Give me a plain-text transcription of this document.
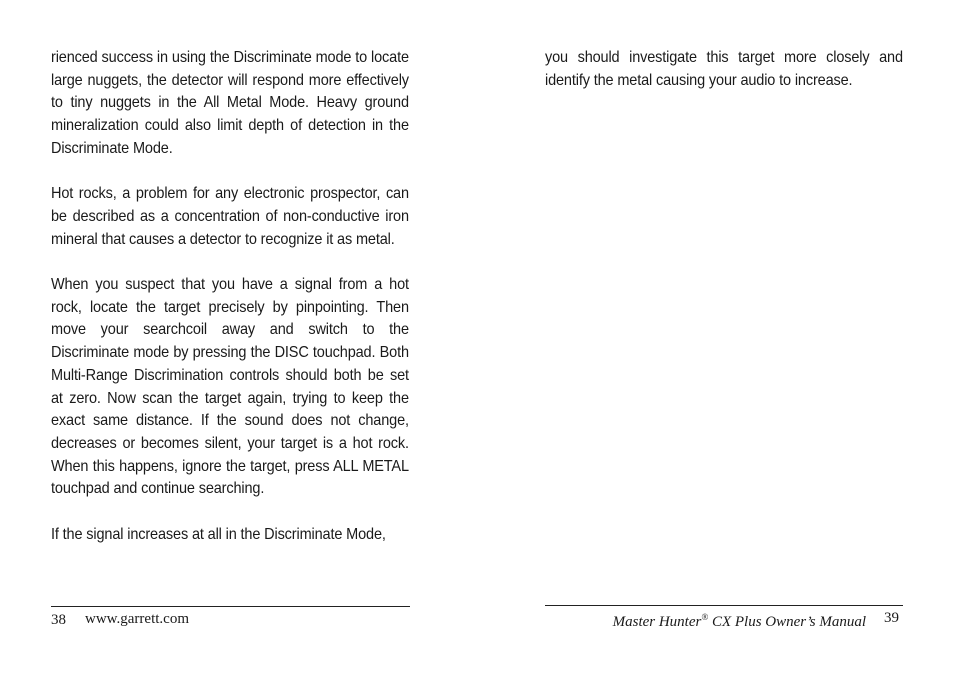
rienced success in using the Discriminate mode to locate large nuggets, the detector will respond more effectively to tiny nuggets in the All Metal Mode. Heavy ground mineralization could also limit depth of detection in the Discriminate Mode.

Hot rocks, a problem for any electronic prospector, can be described as a concentration of non-conductive iron mineral that causes a detector to recognize it as metal.

When you suspect that you have a signal from a hot rock, locate the target precisely by pinpointing. Then move your searchcoil away and switch to the Discriminate mode by pressing the DISC touchpad. Both Multi-Range Discrimination controls should both be set at zero. Now scan the target again, trying to keep the exact same distance. If the sound does not change, decreases or becomes silent, your target is a hot rock. When this happens, ignore the target, press ALL METAL touchpad and continue searching.

If the signal increases at all in the Discriminate Mode,

you should investigate this target more closely and identify the metal causing your audio to increase.

38 www.garrett.com	Master Hunter® CX Plus Owner’s Manual 39
